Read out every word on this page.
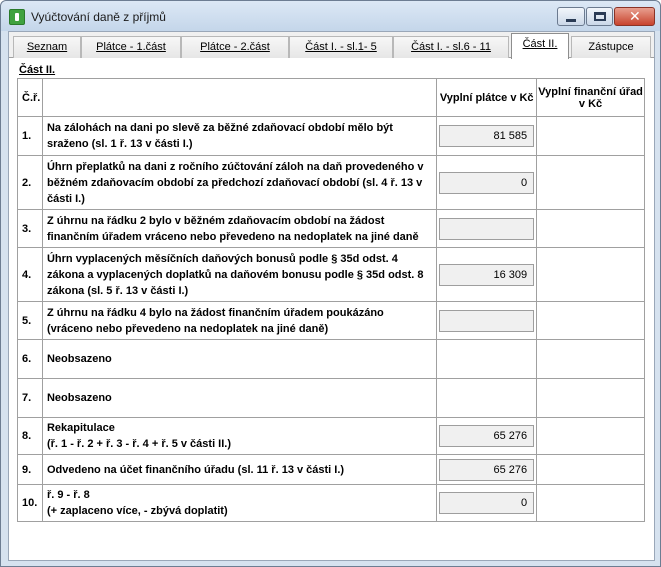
Vyúčtování daně z příjmů	✕
Seznam	Plátce - 1.část	Plátce - 2.část	Část I. - sl.1- 5	Část I. - sl.6 - 11	Část II.	Zástupce
Část II.
Č.ř.		Vyplní plátce v Kč	Vyplní finanční úřad v Kč
1.	Na zálohách na dani po slevě za běžné zdaňovací období mělo být sraženo (sl. 1 ř. 13 v části I.)	81 585	

2.	Úhrn přeplatků na dani z ročního zúčtování záloh na daň provedeného v běžném zdaňovacím období za předchozí zdaňovací období (sl. 4 ř. 13 v části I.)	0	

3.	Z úhrnu na řádku 2 bylo v běžném zdaňovacím období na žádost finančním úřadem vráceno nebo převedeno na nedoplatek na jiné daně	

4.	Úhrn vyplacených měsíčních daňových bonusů podle § 35d odst. 4 zákona a vyplacených doplatků na daňovém bonusu podle § 35d odst. 8 zákona (sl. 5 ř. 13 v části I.)	16 309	

5.	Z úhrnu na řádku 4 bylo na žádost finančním úřadem poukázáno (vráceno nebo převedeno na nedoplatek na jiné daně)	

6.	Neobsazeno		
7.	Neobsazeno		
8.	Rekapitulace
(ř. 1 - ř. 2 + ř. 3 - ř. 4 + ř. 5 v části II.)	65 276	

9.	Odvedeno na účet finančního úřadu (sl. 11 ř. 13 v části I.)	65 276	

10.	ř. 9 - ř. 8
(+ zaplaceno více, - zbývá doplatit)	0	
